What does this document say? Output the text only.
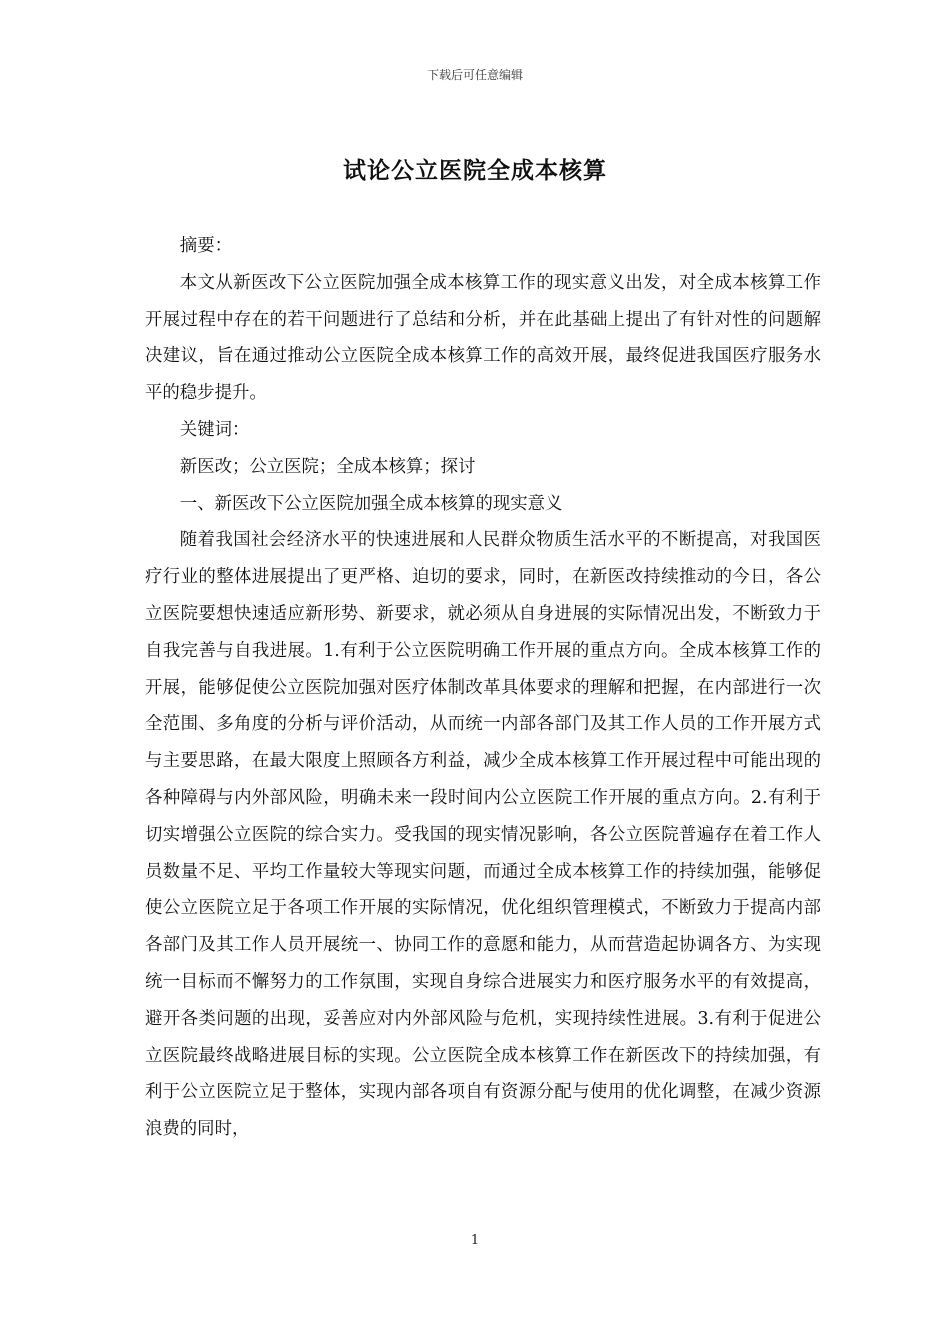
下载后可任意编辑
试论公立医院全成本核算

摘要：

本文从新医改下公立医院加强全成本核算工作的现实意义出发，对全成本核算工作开展过程中存在的若干问题进行了总结和分析，并在此基础上提出了有针对性的问题解决建议，旨在通过推动公立医院全成本核算工作的高效开展，最终促进我国医疗服务水平的稳步提升。

关键词：

新医改；公立医院；全成本核算；探讨

一、新医改下公立医院加强全成本核算的现实意义

随着我国社会经济水平的快速进展和人民群众物质生活水平的不断提高，对我国医疗行业的整体进展提出了更严格、迫切的要求，同时，在新医改持续推动的今日，各公立医院要想快速适应新形势、新要求，就必须从自身进展的实际情况出发，不断致力于自我完善与自我进展。1.有利于公立医院明确工作开展的重点方向。全成本核算工作的开展，能够促使公立医院加强对医疗体制改革具体要求的理解和把握，在内部进行一次全范围、多角度的分析与评价活动，从而统一内部各部门及其工作人员的工作开展方式与主要思路，在最大限度上照顾各方利益，减少全成本核算工作开展过程中可能出现的各种障碍与内外部风险，明确未来一段时间内公立医院工作开展的重点方向。2.有利于切实增强公立医院的综合实力。受我国的现实情况影响，各公立医院普遍存在着工作人员数量不足、平均工作量较大等现实问题，而通过全成本核算工作的持续加强，能够促使公立医院立足于各项工作开展的实际情况，优化组织管理模式，不断致力于提高内部各部门及其工作人员开展统一、协同工作的意愿和能力，从而营造起协调各方、为实现统一目标而不懈努力的工作氛围，实现自身综合进展实力和医疗服务水平的有效提高，避开各类问题的出现，妥善应对内外部风险与危机，实现持续性进展。3.有利于促进公立医院最终战略进展目标的实现。公立医院全成本核算工作在新医改下的持续加强，有利于公立医院立足于整体，实现内部各项自有资源分配与使用的优化调整，在减少资源浪费的同时，

1
